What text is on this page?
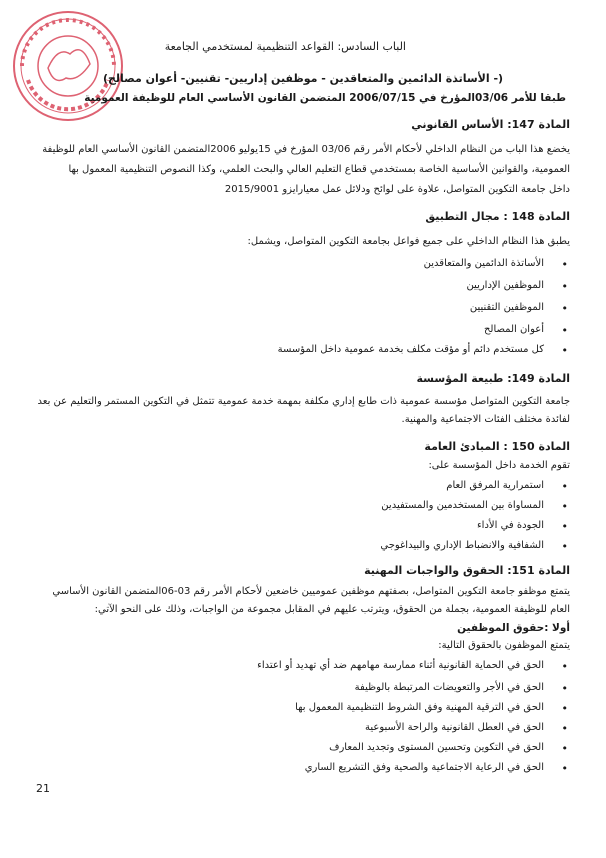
الباب السادس: القواعد التنظيمية لمستخدمي الجامعة
(- الأساتذة الدائمين والمتعاقدين - موظفين إداريين- تقنيين- أعوان مصالح)
طبقا للأمر 03/06المؤرخ في 2006/07/15 المتضمن القانون الأساسي العام للوظيفة العمومية
المادة 147: الأساس القانوني
يخضع هذا الباب من النظام الداخلي لأحكام الأمر رقم 03/06 المؤرخ في 15يوليو 2006المتضمن القانون الأساسي العام للوظيفة
العمومية، والقوانين الأساسية الخاصة بمستخدمي قطاع التعليم العالي والبحث العلمي، وكذا النصوص التنظيمية المعمول بها
داخل جامعة التكوين المتواصل، علاوة على لوائح ودلائل عمل معيارايزو 2015/9001
المادة 148 : مجال التطبيق
يطبق هذا النظام الداخلي على جميع فواعل بجامعة التكوين المتواصل، ويشمل:
•
الأساتذة الدائمين والمتعاقدين
•
الموظفين الإداريين
•
الموظفين التقنيين
•
أعوان المصالح
•
كل مستخدم دائم أو مؤقت مكلف بخدمة عمومية داخل المؤسسة
المادة 149: طبيعة المؤسسة
جامعة التكوين المتواصل مؤسسة عمومية ذات طابع إداري مكلفة بمهمة خدمة عمومية تتمثل في التكوين المستمر والتعليم عن بعد
لفائدة مختلف الفئات الاجتماعية والمهنية.
المادة 150 : المبادئ العامة
تقوم الخدمة داخل المؤسسة على:
•
استمرارية المرفق العام
•
المساواة بين المستخدمين والمستفيدين
•
الجودة في الأداء
•
الشفافية والانضباط الإداري والبيداغوجي
المادة 151: الحقوق والواجبات المهنية
يتمتع موظفو جامعة التكوين المتواصل، بصفتهم موظفين عموميين خاضعين لأحكام الأمر رقم 03-06المتضمن القانون الأساسي
العام للوظيفة العمومية، بجملة من الحقوق، ويترتب عليهم في المقابل مجموعة من الواجبات، وذلك على النحو الآتي:
أولا :حقوق الموظفين
يتمتع الموظفون بالحقوق التالية:
•
الحق في الحماية القانونية أثناء ممارسة مهامهم ضد أي تهديد أو اعتداء
•
الحق في الأجر والتعويضات المرتبطة بالوظيفة
•
الحق في الترقية المهنية وفق الشروط التنظيمية المعمول بها
•
الحق في العطل القانونية والراحة الأسبوعية
•
الحق في التكوين وتحسين المستوى وتجديد المعارف
•
الحق في الرعاية الاجتماعية والصحية وفق التشريع الساري
21
